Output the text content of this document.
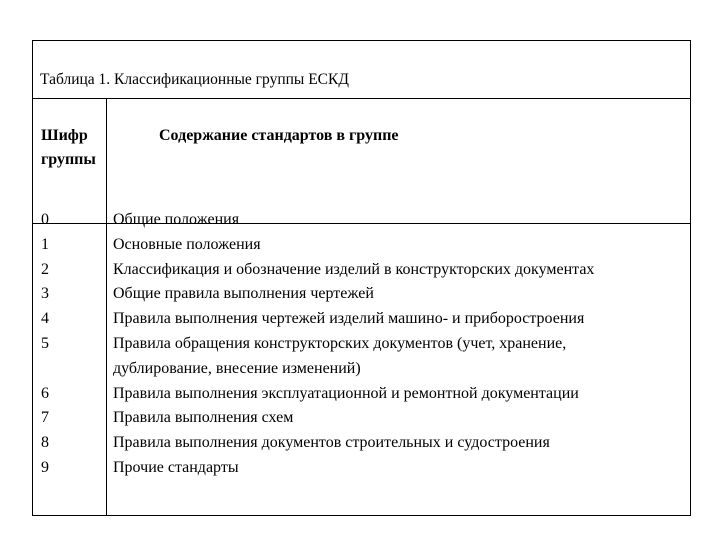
Таблица 1. Классификационные группы ЕСКД
Шифр
группы
Содержание стандартов в группе
0
1
2
3
4
5
6
7
8
9
Общие положения
Основные положения
Классификация и обозначение изделий в конструкторских документах
Общие правила выполнения чертежей
Правила выполнения чертежей изделий машино- и приборостроения
Правила обращения конструкторских документов (учет, хранение,
дублирование, внесение изменений)
Правила выполнения эксплуатационной и ремонтной документации
Правила выполнения схем
Правила выполнения документов строительных и судостроения
Прочие стандарты
